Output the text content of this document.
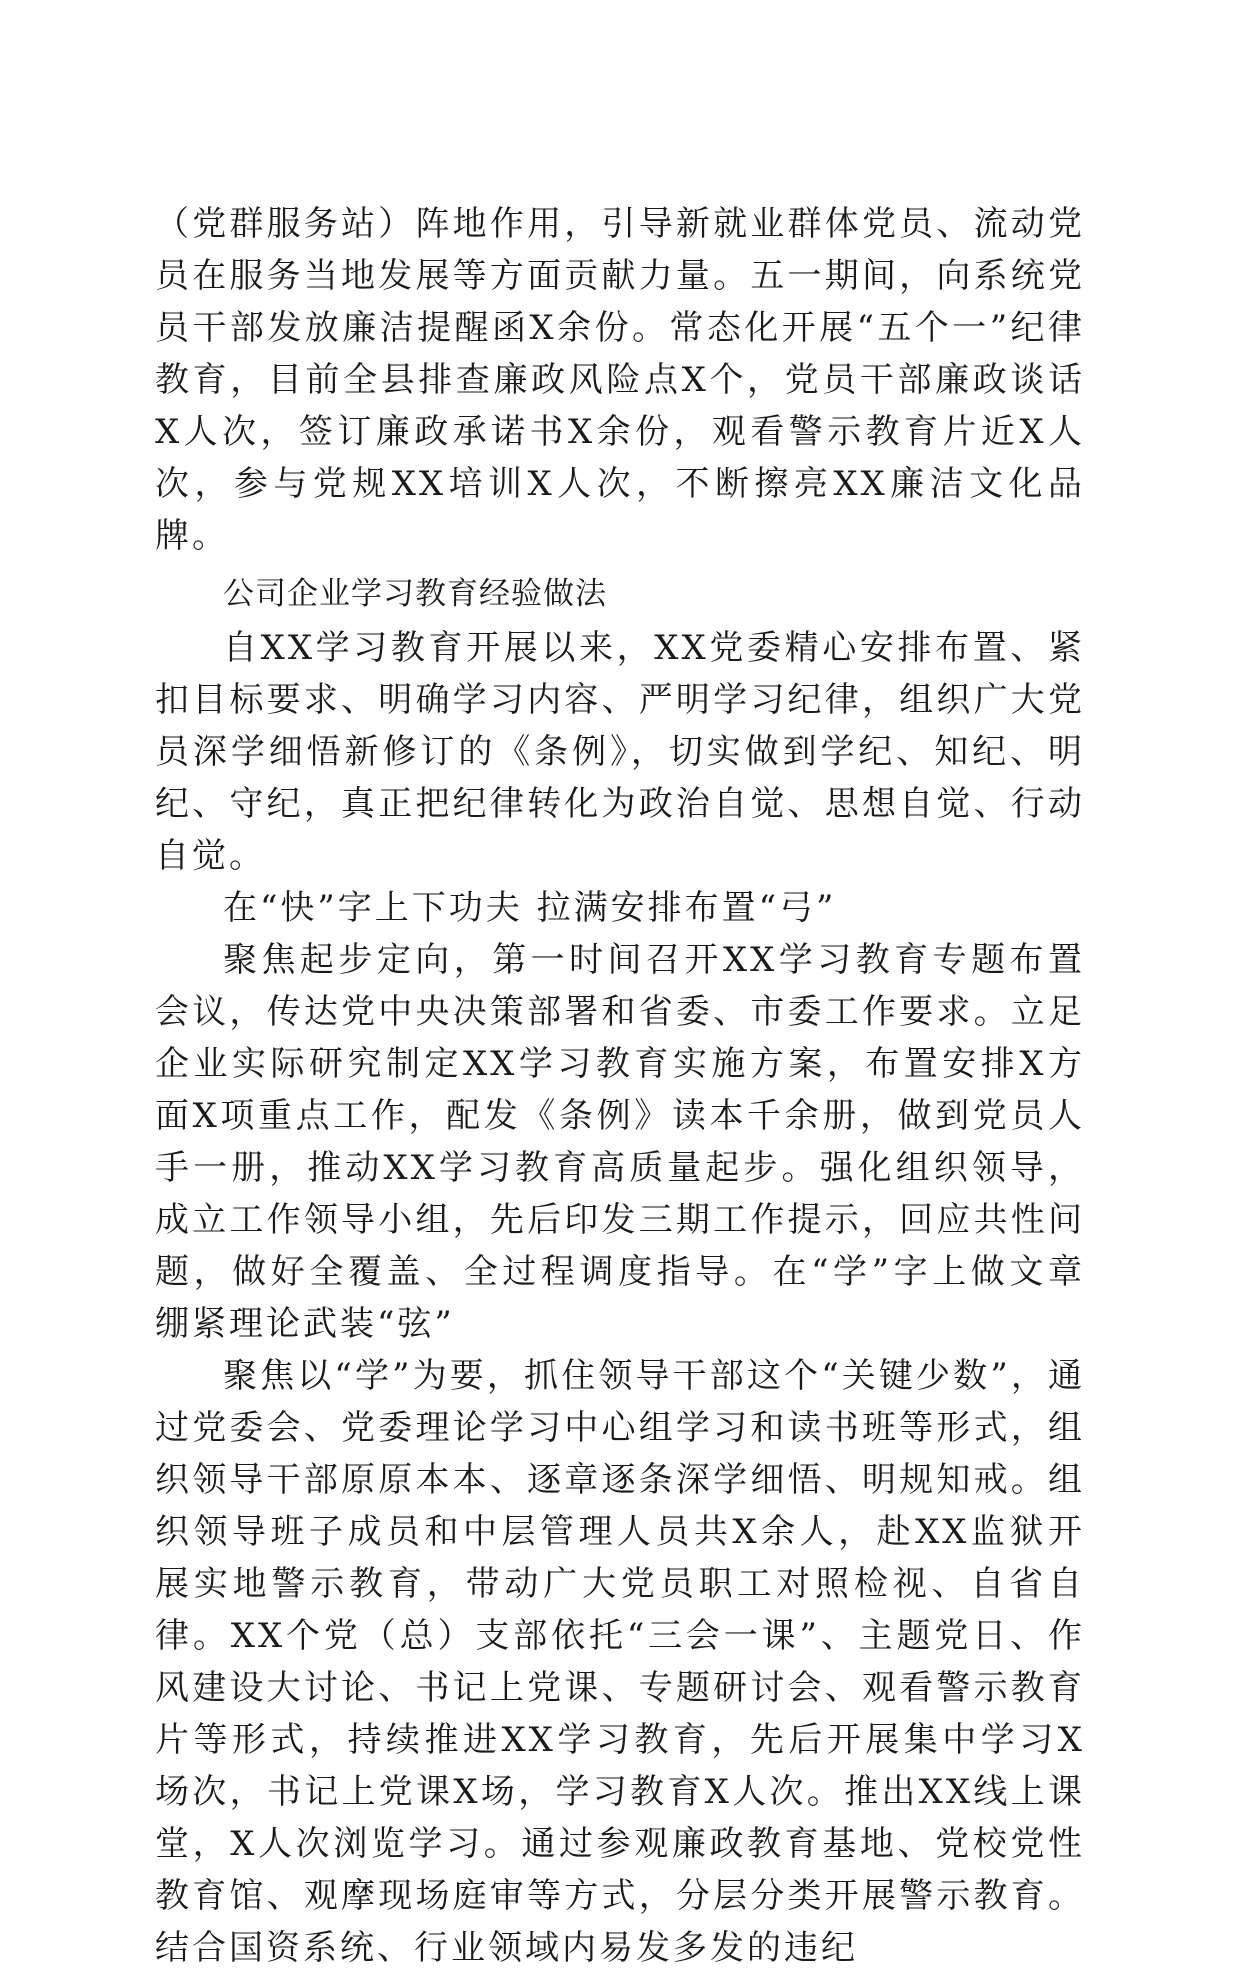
（党群服务站）阵地作用，引导新就业群体党员、流动党员在服务当地发展等方面贡献力量。五一期间，向系统党员干部发放廉洁提醒函X余份。常态化开展“五个一”纪律教育，目前全县排查廉政风险点X个，党员干部廉政谈话X人次，签订廉政承诺书X余份，观看警示教育片近X人次，参与党规XX培训X人次，不断擦亮XX廉洁文化品牌。

公司企业学习教育经验做法

自XX学习教育开展以来，XX党委精心安排布置、紧扣目标要求、明确学习内容、严明学习纪律，组织广大党员深学细悟新修订的《条例》，切实做到学纪、知纪、明纪、守纪，真正把纪律转化为政治自觉、思想自觉、行动自觉。

在“快”字上下功夫 拉满安排布置“弓”

聚焦起步定向，第一时间召开XX学习教育专题布置会议，传达党中央决策部署和省委、市委工作要求。立足企业实际研究制定XX学习教育实施方案，布置安排X方面X项重点工作，配发《条例》读本千余册，做到党员人手一册，推动XX学习教育高质量起步。强化组织领导，成立工作领导小组，先后印发三期工作提示，回应共性问题，做好全覆盖、全过程调度指导。在“学”字上做文章 绷紧理论武装“弦”

聚焦以“学”为要，抓住领导干部这个“关键少数”，通过党委会、党委理论学习中心组学习和读书班等形式，组织领导干部原原本本、逐章逐条深学细悟、明规知戒。组织领导班子成员和中层管理人员共X余人，赴XX监狱开展实地警示教育，带动广大党员职工对照检视、自省自律。XX个党（总）支部依托“三会一课”、主题党日、作风建设大讨论、书记上党课、专题研讨会、观看警示教育片等形式，持续推进XX学习教育，先后开展集中学习X场次，书记上党课X场，学习教育X人次。推出XX线上课堂，X人次浏览学习。通过参观廉政教育基地、党校党性教育馆、观摩现场庭审等方式，分层分类开展警示教育。结合国资系统、行业领域内易发多发的违纪
